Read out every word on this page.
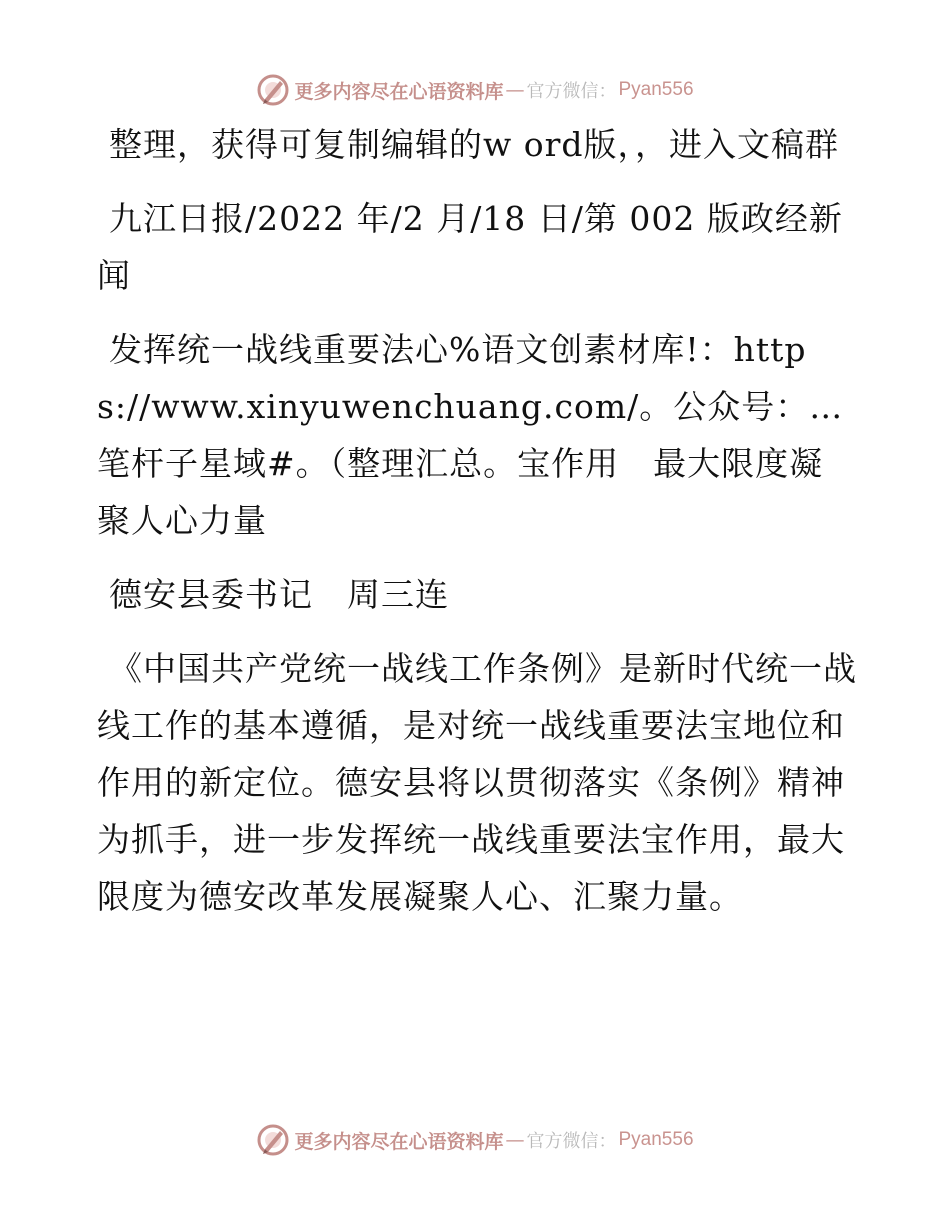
更多内容尽在心语资料库 — 官方微信： Pyan556

整理，获得可复制编辑的w ord版，，进入文稿群

九江日报/2022 年/2 月/18 日/第 002 版政经新闻

发挥统一战线重要法心%语文创素材库!：https://www.xinyuwenchuang.com/。公众号：…笔杆子星域#。（整理汇总。宝作用　最大限度凝聚人心力量

德安县委书记　周三连

《中国共产党统一战线工作条例》是新时代统一战线工作的基本遵循，是对统一战线重要法宝地位和作用的新定位。德安县将以贯彻落实《条例》精神为抓手，进一步发挥统一战线重要法宝作用，最大限度为德安改革发展凝聚人心、汇聚力量。

更多内容尽在心语资料库 — 官方微信： Pyan556
